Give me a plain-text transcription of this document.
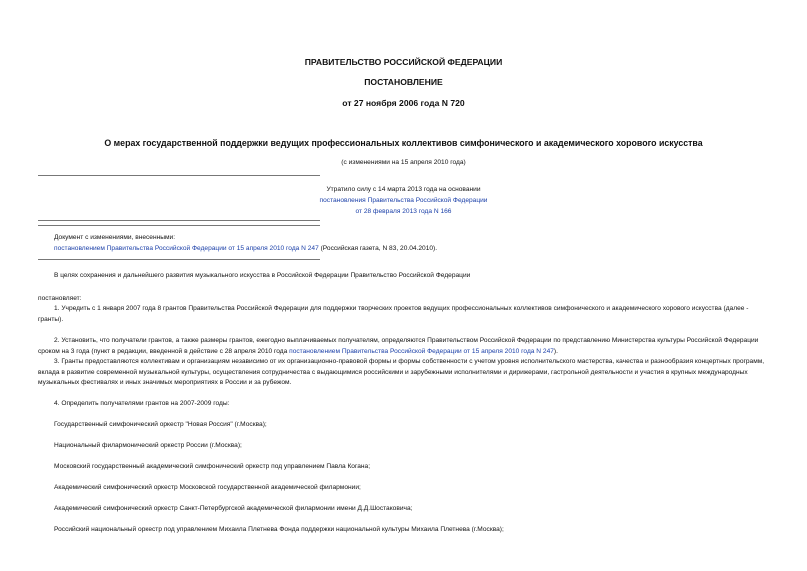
ПРАВИТЕЛЬСТВО РОССИЙСКОЙ ФЕДЕРАЦИИ
ПОСТАНОВЛЕНИЕ
от 27 ноября 2006 года N 720
О мерах государственной поддержки ведущих профессиональных коллективов симфонического и академического хорового искусства
(с изменениями на 15 апреля 2010 года)
Утратило силу с 14 марта 2013 года на основании
постановления Правительства Российской Федерации
от 28 февраля 2013 года N 166
Документ с изменениями, внесенными:
постановлением Правительства Российской Федерации от 15 апреля 2010 года N 247 (Российская газета, N 83, 20.04.2010).
В целях сохранения и дальнейшего развития музыкального искусства в Российской Федерации Правительство Российской Федерации
постановляет:
1. Учредить с 1 января 2007 года 8 грантов Правительства Российской Федерации для поддержки творческих проектов ведущих профессиональных коллективов симфонического и академического хорового искусства (далее - гранты).
2. Установить, что получатели грантов, а также размеры грантов, ежегодно выплачиваемых получателям, определяются Правительством Российской Федерации по представлению Министерства культуры Российской Федерации сроком на 3 года (пункт в редакции, введенной в действие с 28 апреля 2010 года постановлением Правительства Российской Федерации от 15 апреля 2010 года N 247).
3. Гранты предоставляются коллективам и организациям независимо от их организационно-правовой формы и формы собственности с учетом уровня исполнительского мастерства, качества и разнообразия концертных программ, вклада в развитие современной музыкальной культуры, осуществления сотрудничества с выдающимися российскими и зарубежными исполнителями и дирижерами, гастрольной деятельности и участия в крупных международных музыкальных фестивалях и иных значимых мероприятиях в России и за рубежом.
4. Определить получателями грантов на 2007-2009 годы:
Государственный симфонический оркестр "Новая Россия" (г.Москва);
Национальный филармонический оркестр России (г.Москва);
Московский государственный академический симфонический оркестр под управлением Павла Когана;
Академический симфонический оркестр Московской государственной академической филармонии;
Академический симфонический оркестр Санкт-Петербургской академической филармонии имени Д.Д.Шостаковича;
Российский национальный оркестр под управлением Михаила Плетнева Фонда поддержки национальной культуры Михаила Плетнева (г.Москва);
